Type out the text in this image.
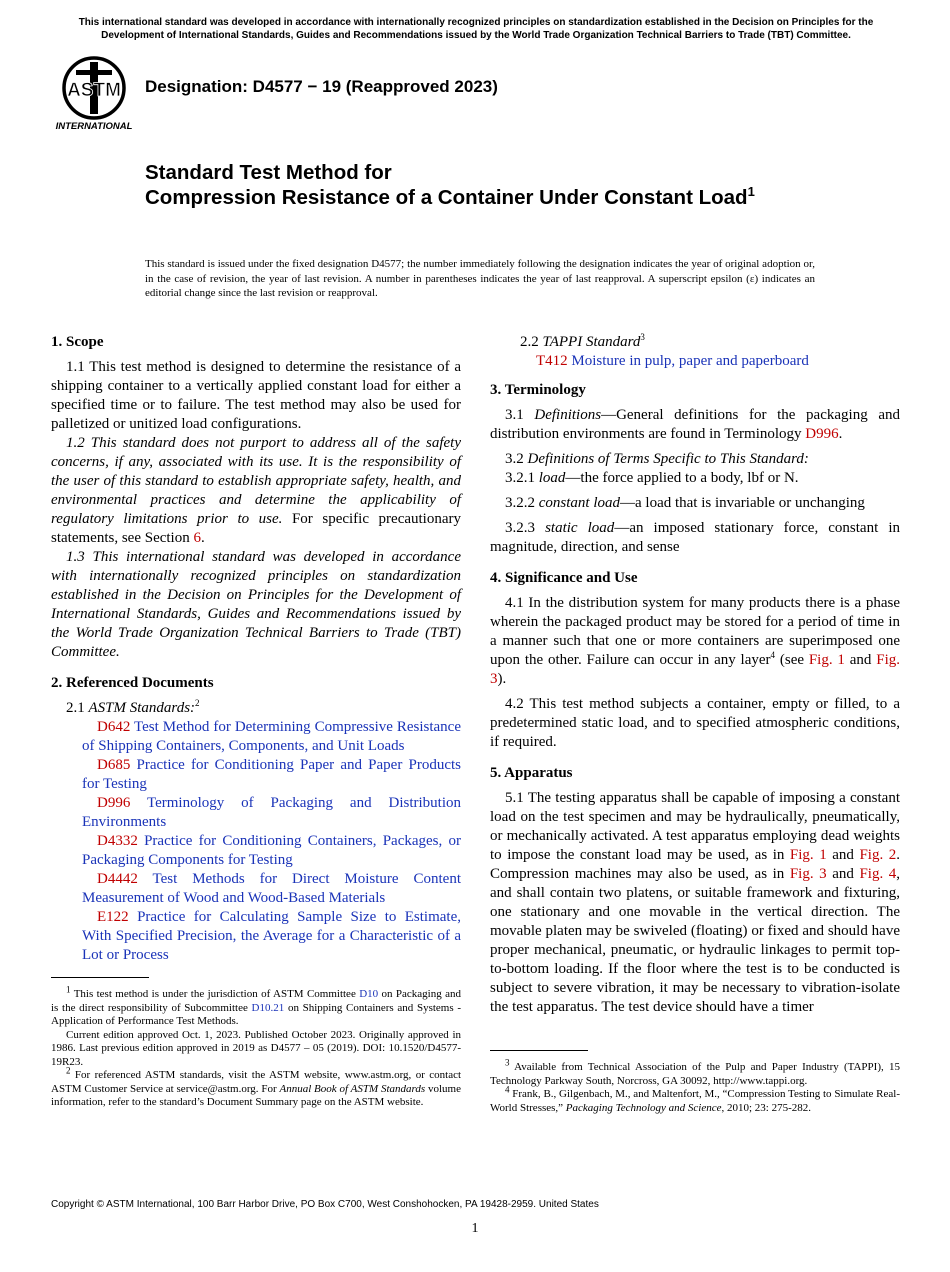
This international standard was developed in accordance with internationally recognized principles on standardization established in the Decision on Principles for the Development of International Standards, Guides and Recommendations issued by the World Trade Organization Technical Barriers to Trade (TBT) Committee.
ASTM
INTERNATIONAL
Designation: D4577 − 19 (Reapproved 2023)
Standard Test Method for
Compression Resistance of a Container Under Constant Load$^1$
This standard is issued under the fixed designation D4577; the number immediately following the designation indicates the year of original adoption or, in the case of revision, the year of last revision. A number in parentheses indicates the year of last reapproval. A superscript epsilon (ε) indicates an editorial change since the last revision or reapproval.
1. Scope

1.1 This test method is designed to determine the resistance of a shipping container to a vertically applied constant load for either a specified time or to failure. The test method may also be used for palletized or unitized load configurations.

1.2 This standard does not purport to address all of the safety concerns, if any, associated with its use. It is the responsibility of the user of this standard to establish appropriate safety, health, and environmental practices and determine the applicability of regulatory limitations prior to use. For specific precautionary statements, see Section 6.

1.3 This international standard was developed in accordance with internationally recognized principles on standardization established in the Decision on Principles for the Development of International Standards, Guides and Recommendations issued by the World Trade Organization Technical Barriers to Trade (TBT) Committee.

2. Referenced Documents

2.1 ASTM Standards:$^2$

D642 Test Method for Determining Compressive Resistance of Shipping Containers, Components, and Unit Loads

D685 Practice for Conditioning Paper and Paper Products for Testing

D996 Terminology of Packaging and Distribution Environments

D4332 Practice for Conditioning Containers, Packages, or Packaging Components for Testing

D4442 Test Methods for Direct Moisture Content Measurement of Wood and Wood-Based Materials

E122 Practice for Calculating Sample Size to Estimate, With Specified Precision, the Average for a Characteristic of a Lot or Process

$^1$ This test method is under the jurisdiction of ASTM Committee D10 on Packaging and is the direct responsibility of Subcommittee D10.21 on Shipping Containers and Systems - Application of Performance Test Methods.

Current edition approved Oct. 1, 2023. Published October 2023. Originally approved in 1986. Last previous edition approved in 2019 as D4577 – 05 (2019). DOI: 10.1520/D4577-19R23.

$^2$ For referenced ASTM standards, visit the ASTM website, www.astm.org, or contact ASTM Customer Service at service@astm.org. For Annual Book of ASTM Standards volume information, refer to the standard’s Document Summary page on the ASTM website.

2.2 TAPPI Standard$^3$

T412 Moisture in pulp, paper and paperboard

3. Terminology

3.1 Definitions—General definitions for the packaging and distribution environments are found in Terminology D996.

3.2 Definitions of Terms Specific to This Standard:

3.2.1 load—the force applied to a body, lbf or N.

3.2.2 constant load—a load that is invariable or unchanging

3.2.3 static load—an imposed stationary force, constant in magnitude, direction, and sense

4. Significance and Use

4.1 In the distribution system for many products there is a phase wherein the packaged product may be stored for a period of time in a manner such that one or more containers are superimposed one upon the other. Failure can occur in any layer$^4$ (see Fig. 1 and Fig. 3).

4.2 This test method subjects a container, empty or filled, to a predetermined static load, and to specified atmospheric conditions, if required.

5. Apparatus

5.1 The testing apparatus shall be capable of imposing a constant load on the test specimen and may be hydraulically, pneumatically, or mechanically activated. A test apparatus employing dead weights to impose the constant load may be used, as in Fig. 1 and Fig. 2. Compression machines may also be used, as in Fig. 3 and Fig. 4, and shall contain two platens, or suitable framework and fixturing, one stationary and one movable in the vertical direction. The movable platen may be swiveled (floating) or fixed and should have proper mechanical, pneumatic, or hydraulic linkages to permit top-to-bottom loading. If the floor where the test is to be conducted is subject to severe vibration, it may be necessary to vibration-isolate the test apparatus. The test device should have a timer

$^3$ Available from Technical Association of the Pulp and Paper Industry (TAPPI), 15 Technology Parkway South, Norcross, GA 30092, http://www.tappi.org.

$^4$ Frank, B., Gilgenbach, M., and Maltenfort, M., “Compression Testing to Simulate Real-World Stresses,” Packaging Technology and Science, 2010; 23: 275-282.

Copyright © ASTM International, 100 Barr Harbor Drive, PO Box C700, West Conshohocken, PA 19428-2959. United States
1
